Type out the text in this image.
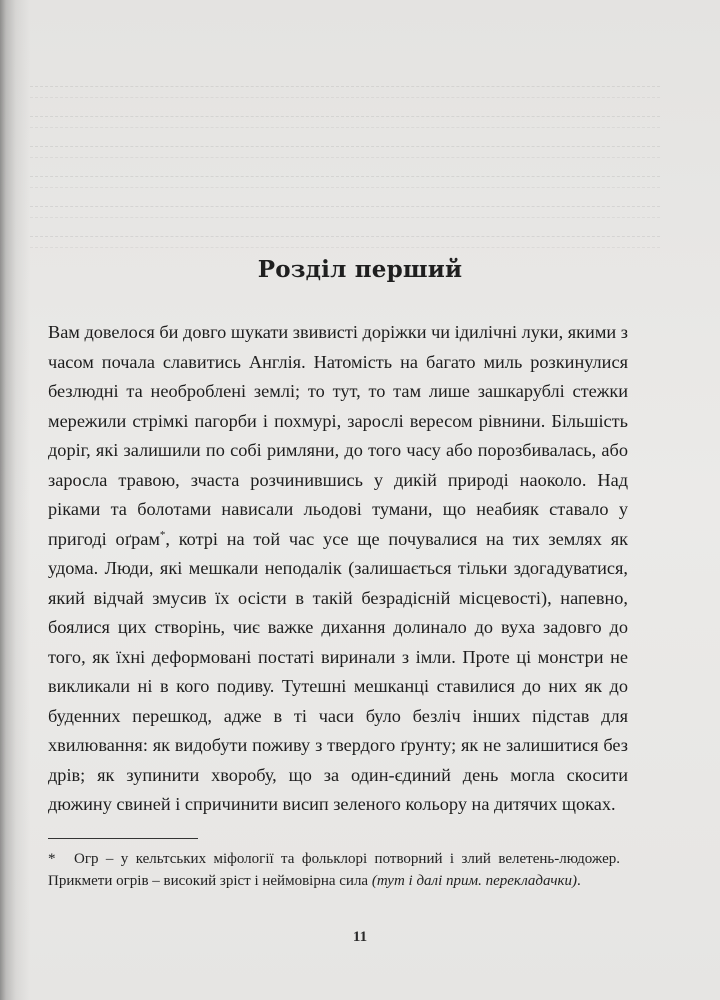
Розділ перший

Вам довелося би довго шукати звивисті доріжки чи ідилічні луки, якими з часом почала славитись Англія. Натомість на багато миль розкинулися безлюдні та необроблені землі; то тут, то там лише зашкарублі стежки мережили стрімкі пагорби і похмурі, зарослі вересом рівнини. Більшість доріг, які залишили по собі римляни, до того часу або порозбивалась, або заросла травою, зчаста розчинившись у дикій природі наоколо. Над ріками та болотами нависали льодові тумани, що неабияк ставало у пригоді оґрам*, котрі на той час усе ще почувалися на тих землях як удома. Люди, які мешкали неподалік (залишається тільки здогадуватися, який відчай змусив їх осісти в такій безрадісній місцевості), напевно, боялися цих створінь, чиє важке дихання долинало до вуха задовго до того, як їхні деформовані постаті виринали з імли. Проте ці монстри не викликали ні в кого подиву. Тутешні мешканці ставилися до них як до буденних перешкод, адже в ті часи було безліч інших підстав для хвилювання: як видобути поживу з твердого ґрунту; як не залишитися без дрів; як зупинити хворобу, що за один-єдиний день могла скосити дюжину свиней і спричинити висип зеленого кольору на дитячих щоках.

* Огр – у кельтських міфології та фольклорі потворний і злий велетень-людожер. Прикмети огрів – високий зріст і неймовірна сила (тут і далі прим. перекладачки).

11
